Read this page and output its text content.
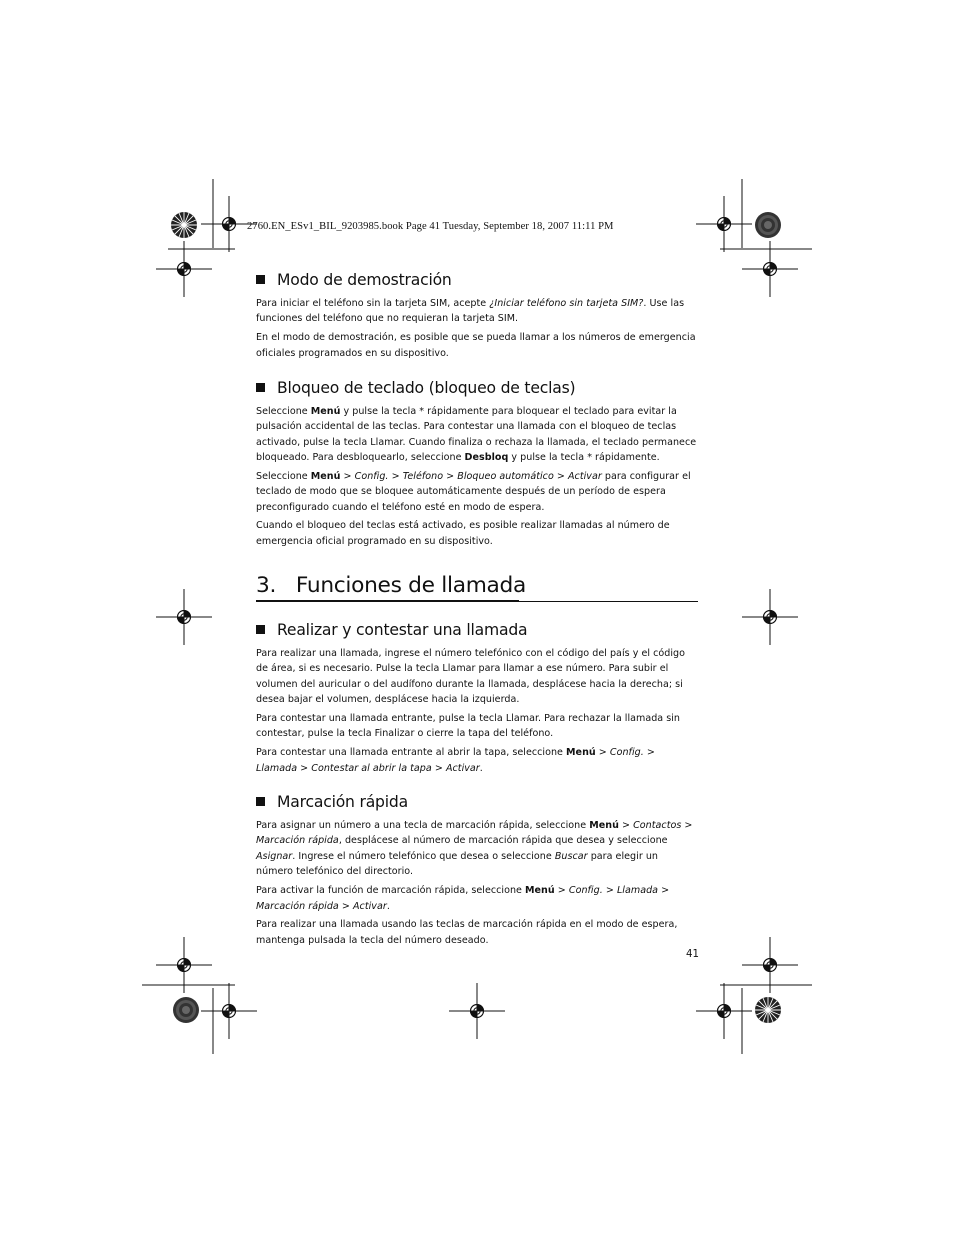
2760.EN_ESv1_BIL_9203985.book Page 41 Tuesday, September 18, 2007 11:11 PM
Modo de demostración

Para iniciar el teléfono sin la tarjeta SIM, acepte ¿Iniciar teléfono sin tarjeta SIM?. Use las funciones del teléfono que no requieran la tarjeta SIM.

En el modo de demostración, es posible que se pueda llamar a los números de emergencia oficiales programados en su dispositivo.

Bloqueo de teclado (bloqueo de teclas)

Seleccione Menú y pulse la tecla * rápidamente para bloquear el teclado para evitar la pulsación accidental de las teclas. Para contestar una llamada con el bloqueo de teclas activado, pulse la tecla Llamar. Cuando finaliza o rechaza la llamada, el teclado permanece bloqueado. Para desbloquearlo, seleccione Desbloq y pulse la tecla * rápidamente.

Seleccione Menú > Config. > Teléfono > Bloqueo automático > Activar para configurar el teclado de modo que se bloquee automáticamente después de un período de espera preconfigurado cuando el teléfono esté en modo de espera.

Cuando el bloqueo del teclas está activado, es posible realizar llamadas al número de emergencia oficial programado en su dispositivo.

3. Funciones de llamada
Realizar y contestar una llamada

Para realizar una llamada, ingrese el número telefónico con el código del país y el código de área, si es necesario. Pulse la tecla Llamar para llamar a ese número. Para subir el volumen del auricular o del audífono durante la llamada, desplácese hacia la derecha; si desea bajar el volumen, desplácese hacia la izquierda.

Para contestar una llamada entrante, pulse la tecla Llamar. Para rechazar la llamada sin contestar, pulse la tecla Finalizar o cierre la tapa del teléfono.

Para contestar una llamada entrante al abrir la tapa, seleccione Menú > Config. > Llamada > Contestar al abrir la tapa > Activar.

Marcación rápida

Para asignar un número a una tecla de marcación rápida, seleccione Menú > Contactos > Marcación rápida, desplácese al número de marcación rápida que desea y seleccione Asignar. Ingrese el número telefónico que desea o seleccione Buscar para elegir un número telefónico del directorio.

Para activar la función de marcación rápida, seleccione Menú > Config. > Llamada > Marcación rápida > Activar.

Para realizar una llamada usando las teclas de marcación rápida en el modo de espera, mantenga pulsada la tecla del número deseado.

41
